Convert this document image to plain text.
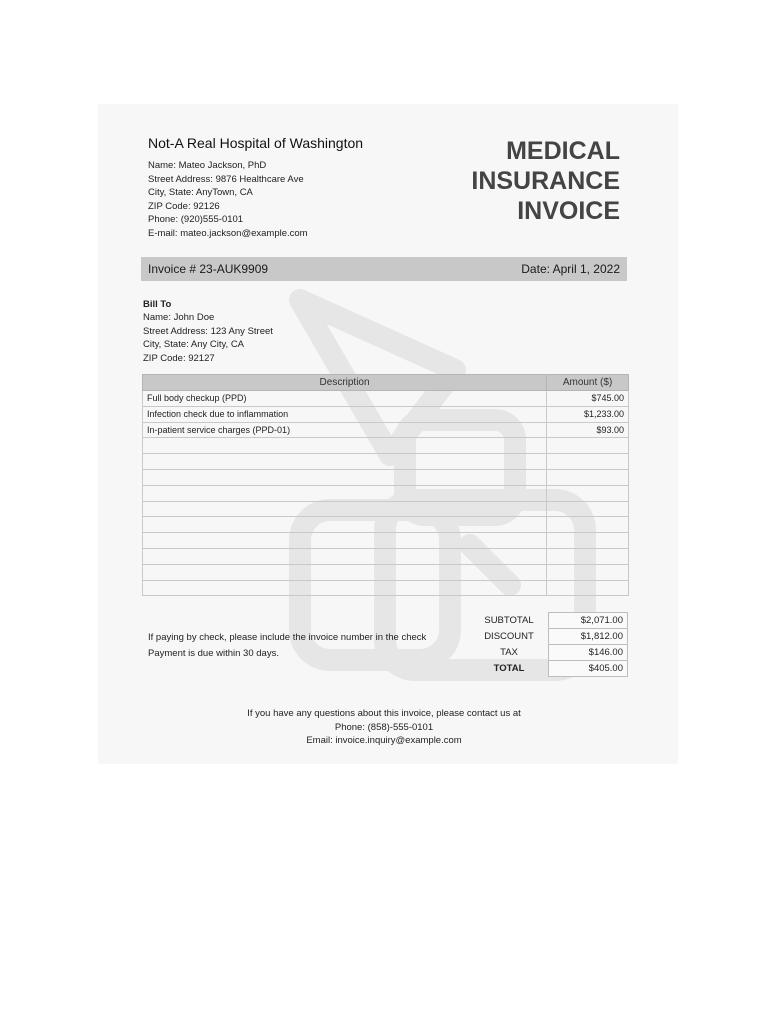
Not-A Real Hospital of Washington
Name: Mateo Jackson, PhD
Street Address: 9876 Healthcare Ave
City, State: AnyTown, CA
ZIP Code: 92126
Phone: (920)555-0101
E-mail: mateo.jackson@example.com
MEDICAL
INSURANCE
INVOICE
Invoice # 23-AUK9909	Date: April 1, 2022
Bill To
Name: John Doe
Street Address: 123 Any Street
City, State: Any City, CA
ZIP Code: 92127
Description	Amount ($)
Full body checkup (PPD)	$745.00
Infection check due to inflammation	$1,233.00
In-patient service charges (PPD-01)	$93.00

SUBTOTAL	$2,071.00
DISCOUNT	$1,812.00
TAX	$146.00
TOTAL	$405.00
If paying by check, please include the invoice number in the check
Payment is due within 30 days.
If you have any questions about this invoice, please contact us at
Phone: (858)-555-0101
Email: invoice.inquiry@example.com
